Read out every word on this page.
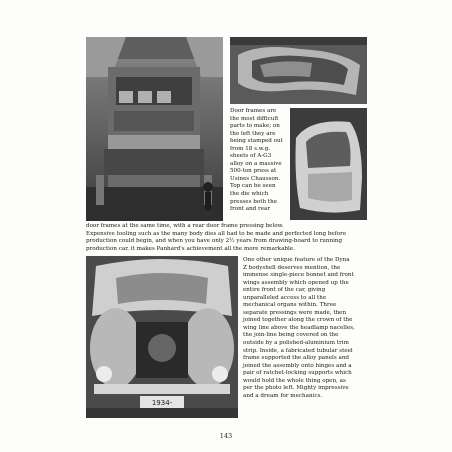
Door frames are
the most difficult
parts to make; on
the left they are
being stamped out
from 18 s.w.g.
sheets of A-G3
alloy on a massive
500-ton press at
Usines Chausson.
Top can be seen
the die which
presses both the
front and rear
door frames at the same time, with a rear door frame pressing below.
Expensive tooling such as the many body dies all had to be made and perfected long before
production could begin, and when you have only 2½ years from drawing-board to running
production car, it makes Panhard's achievement all the more remarkable.
1934-
One other unique feature of the Dyna
Z bodyshell deserves mention, the
immense single-piece bonnet and front
wings assembly which opened up the
entire front of the car, giving
unparalleled access to all the
mechanical organs within. Three
separate pressings were made, then
joined together along the crown of the
wing line above the headlamp nacelles,
the join-line being covered on the
outside by a polished-aluminium trim
strip. Inside, a fabricated tubular steel
frame supported the alloy panels and
joined the assembly onto hinges and a
pair of ratchet-locking supports which
would hold the whole thing open, as
per the photo left. Mighty impressive
and a dream for mechanics.
143
